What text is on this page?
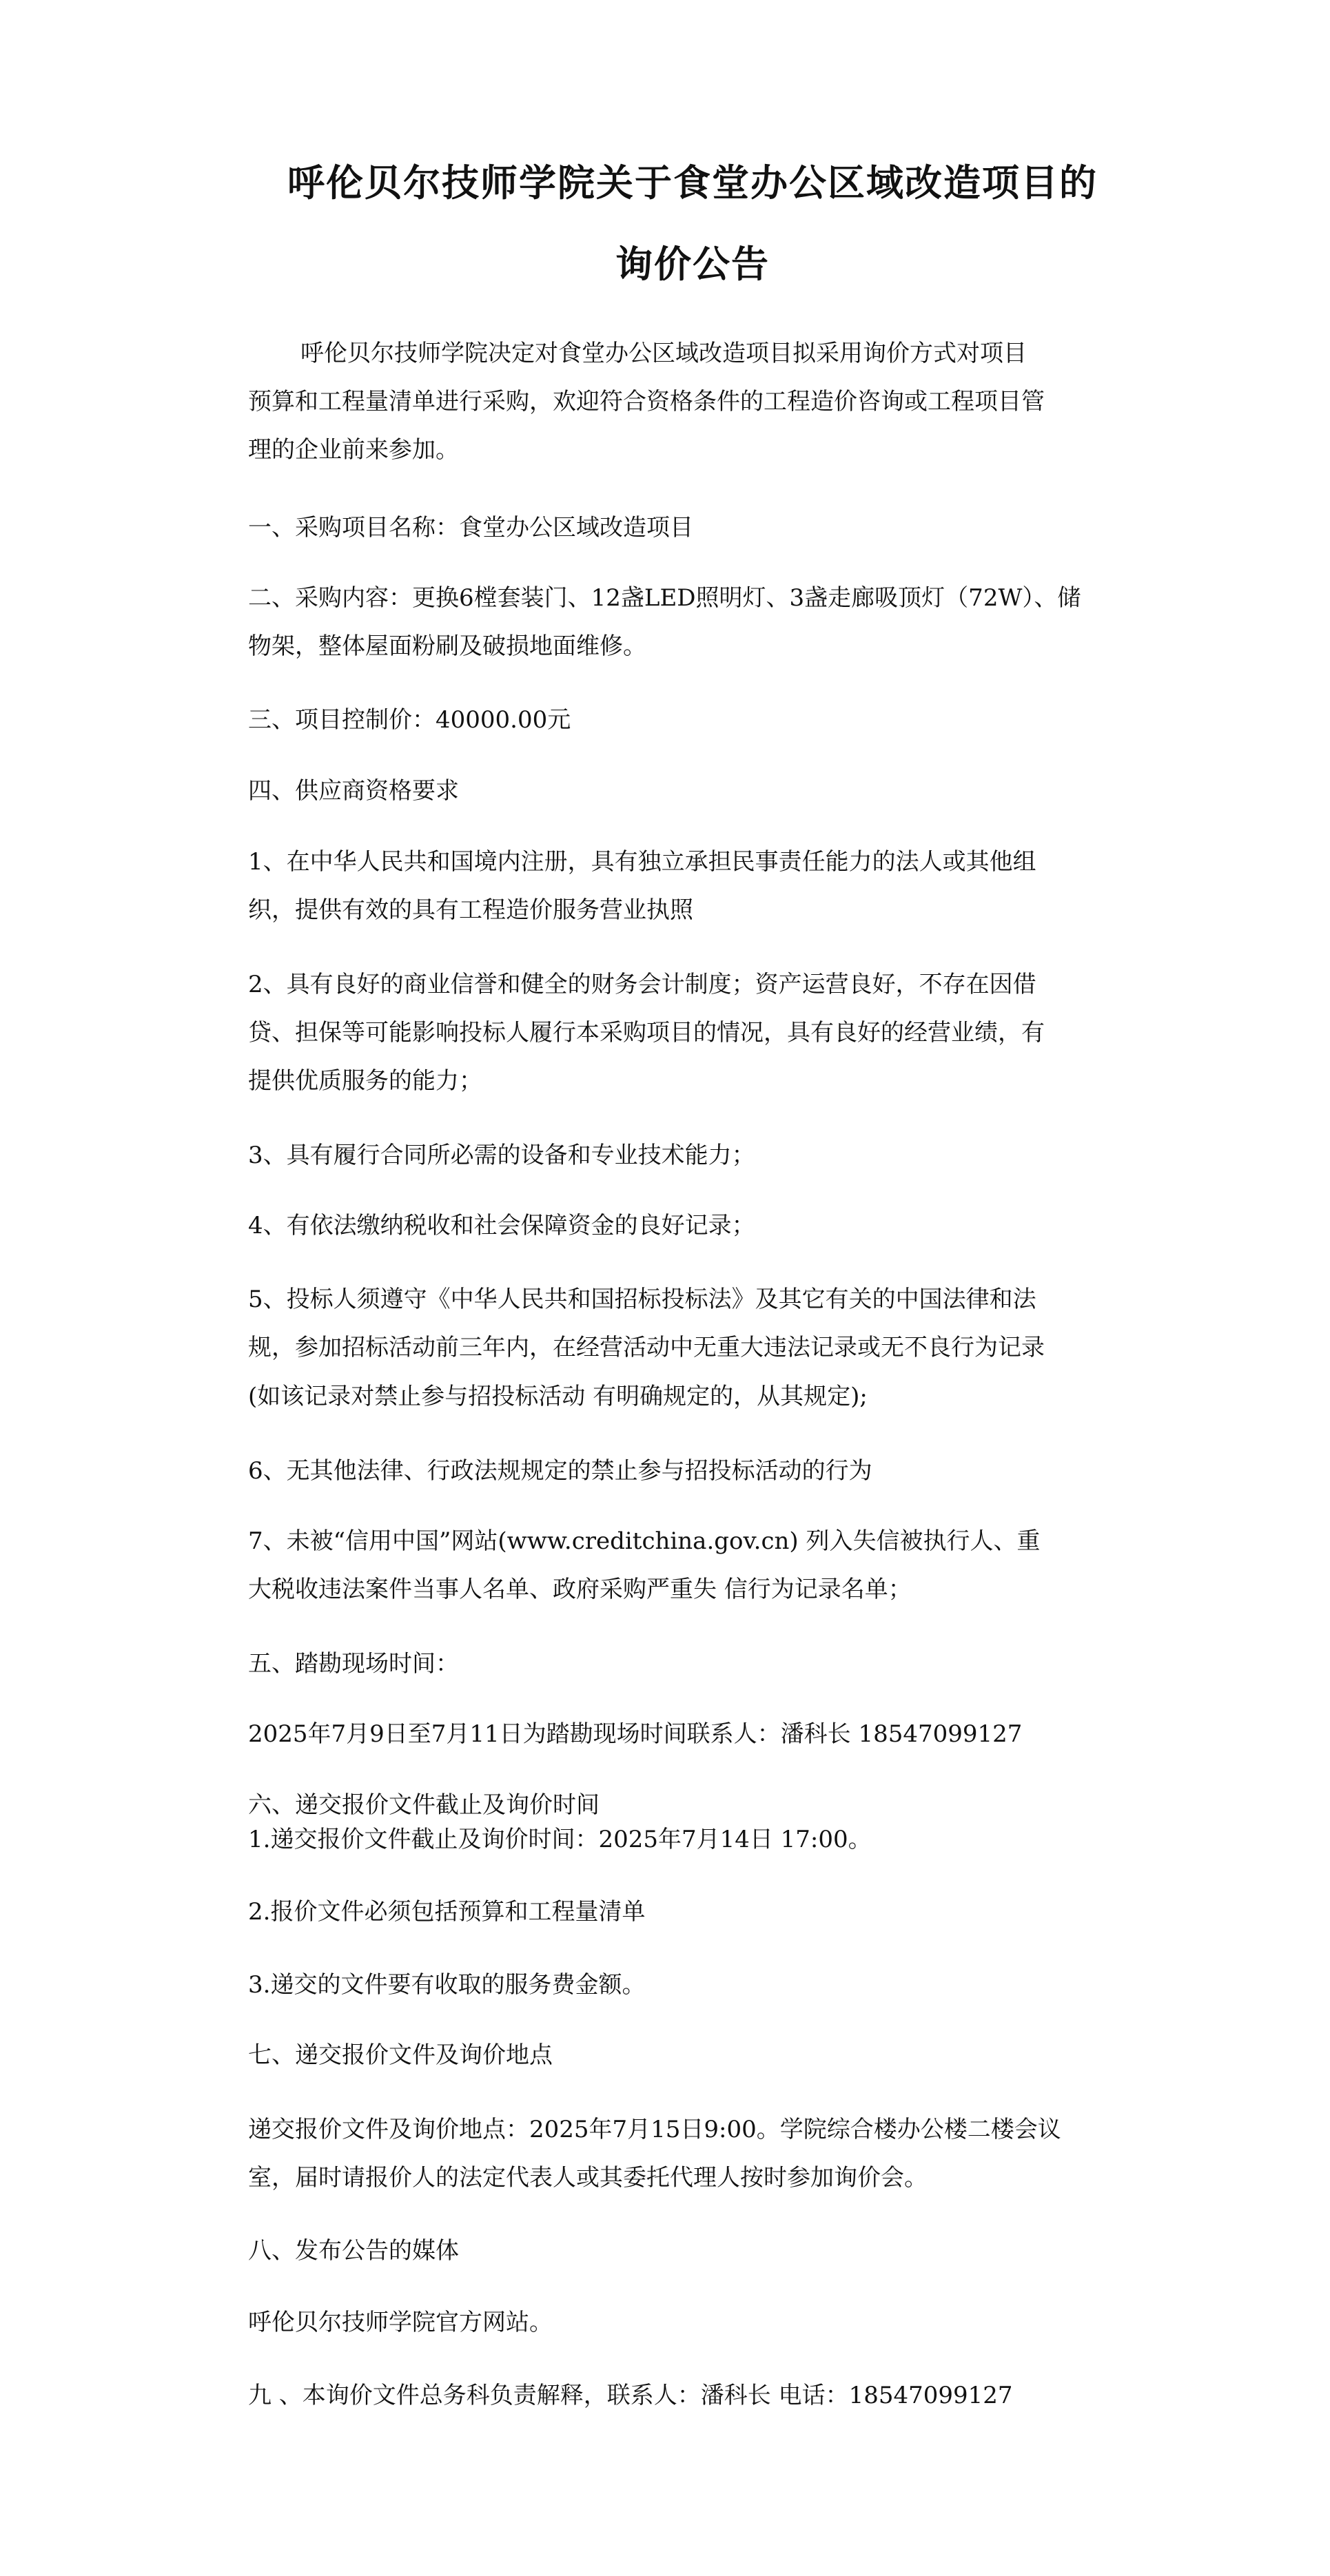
呼伦贝尔技师学院关于食堂办公区域改造项目的
询价公告
呼伦贝尔技师学院决定对食堂办公区域改造项目拟采用询价方式对项目
预算和工程量清单进行采购，欢迎符合资格条件的工程造价咨询或工程项目管
理的企业前来参加。
一、采购项目名称：食堂办公区域改造项目
二、采购内容：更换6樘套装门、12盏LED照明灯、3盏走廊吸顶灯（72W）、储
物架，整体屋面粉刷及破损地面维修。
三、项目控制价：40000.00元
四、供应商资格要求
1、在中华人民共和国境内注册，具有独立承担民事责任能力的法人或其他组
织，提供有效的具有工程造价服务营业执照
2、具有良好的商业信誉和健全的财务会计制度；资产运营良好，不存在因借
贷、担保等可能影响投标人履行本采购项目的情况，具有良好的经营业绩，有
提供优质服务的能力；
3、具有履行合同所必需的设备和专业技术能力；
4、有依法缴纳税收和社会保障资金的良好记录；
5、投标人须遵守《中华人民共和国招标投标法》及其它有关的中国法律和法
规，参加招标活动前三年内，在经营活动中无重大违法记录或无不良行为记录
(如该记录对禁止参与招投标活动 有明确规定的，从其规定);
6、无其他法律、行政法规规定的禁止参与招投标活动的行为
7、未被“信用中国”网站(www.creditchina.gov.cn) 列入失信被执行人、重
大税收违法案件当事人名单、政府采购严重失 信行为记录名单；
五、踏勘现场时间：
2025年7月9日至7月11日为踏勘现场时间联系人：潘科长 18547099127
六、递交报价文件截止及询价时间
1.递交报价文件截止及询价时间：2025年7月14日 17:00。
2.报价文件必须包括预算和工程量清单
3.递交的文件要有收取的服务费金额。
七、递交报价文件及询价地点
递交报价文件及询价地点：2025年7月15日9:00。学院综合楼办公楼二楼会议
室，届时请报价人的法定代表人或其委托代理人按时参加询价会。
八、发布公告的媒体
呼伦贝尔技师学院官方网站。
九 、本询价文件总务科负责解释，联系人：潘科长 电话：18547099127
